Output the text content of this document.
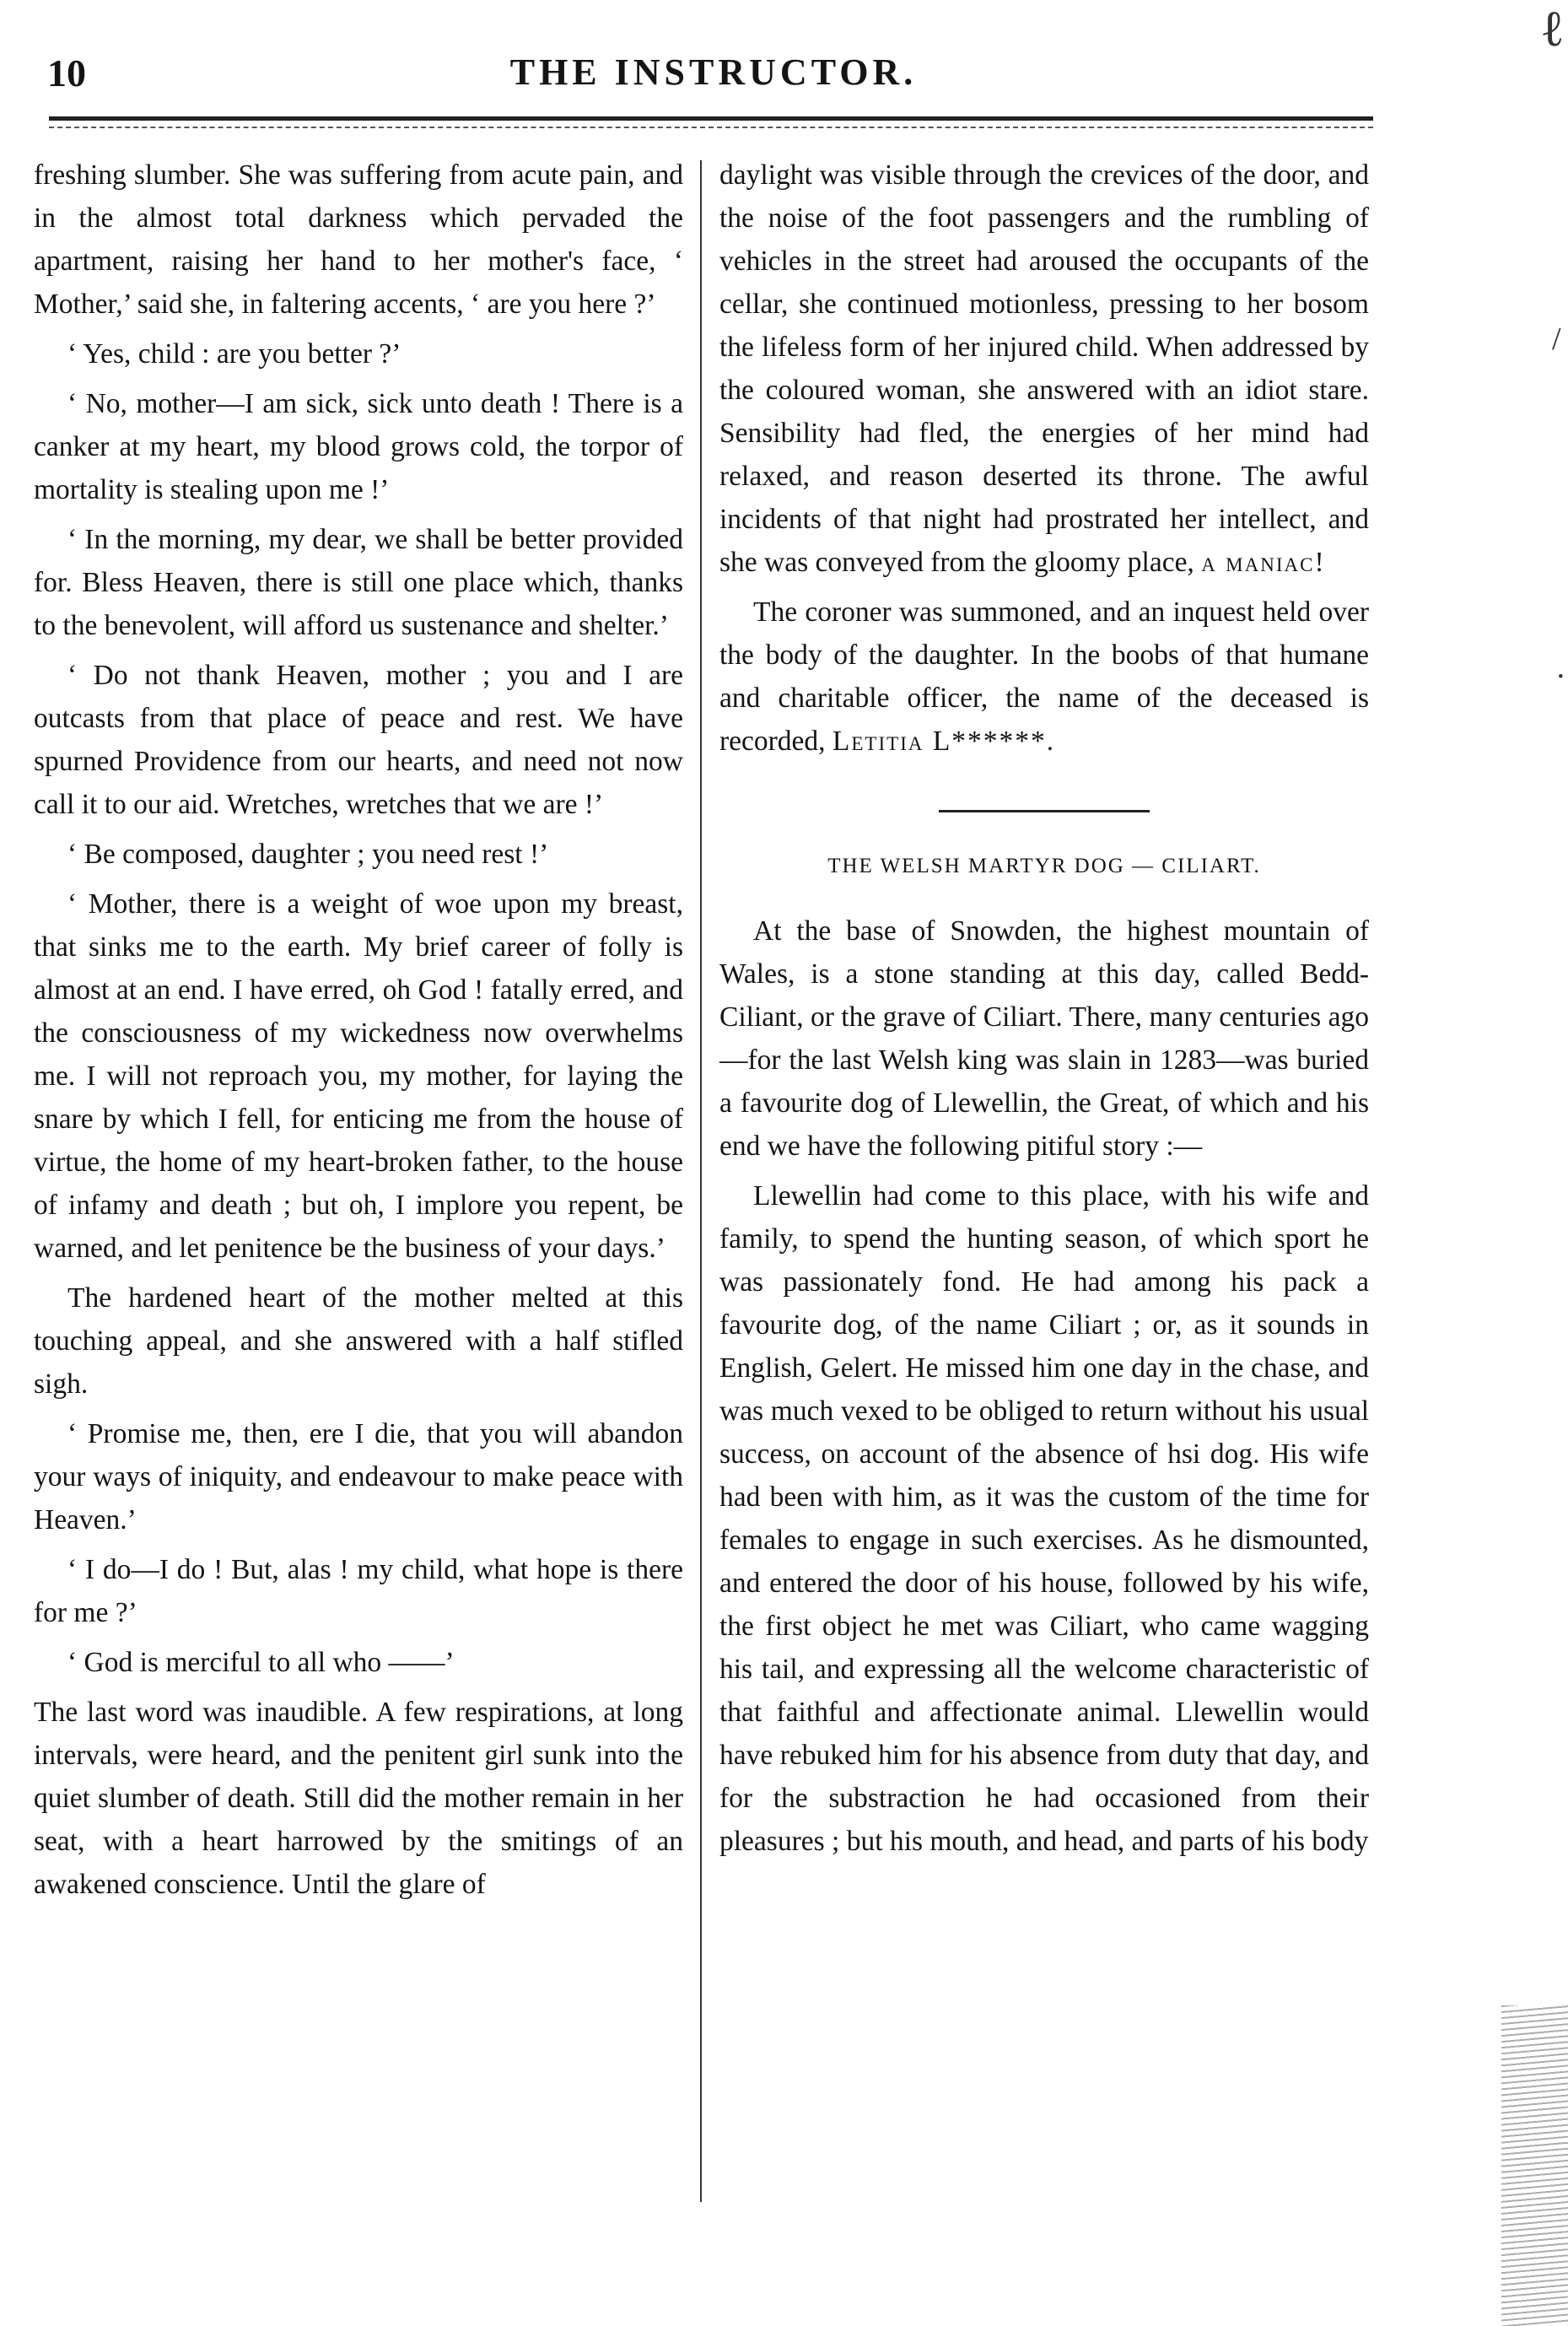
10	THE INSTRUCTOR.

freshing slumber. She was suffering from acute pain, and in the almost total darkness which pervaded the apartment, raising her hand to her mother's face, ‘ Mother,’ said she, in faltering accents, ‘ are you here ?’

‘ Yes, child : are you better ?’

‘ No, mother—I am sick, sick unto death ! There is a canker at my heart, my blood grows cold, the torpor of mortality is stealing upon me !’

‘ In the morning, my dear, we shall be better provided for. Bless Heaven, there is still one place which, thanks to the benevolent, will afford us sustenance and shelter.’

‘ Do not thank Heaven, mother ; you and I are outcasts from that place of peace and rest. We have spurned Providence from our hearts, and need not now call it to our aid. Wretches, wretches that we are !’

‘ Be composed, daughter ; you need rest !’

‘ Mother, there is a weight of woe upon my breast, that sinks me to the earth. My brief career of folly is almost at an end. I have erred, oh God ! fatally erred, and the consciousness of my wickedness now overwhelms me. I will not reproach you, my mother, for laying the snare by which I fell, for enticing me from the house of virtue, the home of my heart-broken father, to the house of infamy and death ; but oh, I implore you repent, be warned, and let penitence be the business of your days.’

The hardened heart of the mother melted at this touching appeal, and she answered with a half stifled sigh.

‘ Promise me, then, ere I die, that you will abandon your ways of iniquity, and endeavour to make peace with Heaven.’

‘ I do—I do ! But, alas ! my child, what hope is there for me ?’

‘ God is merciful to all who ——’

The last word was inaudible. A few respirations, at long intervals, were heard, and the penitent girl sunk into the quiet slumber of death. Still did the mother remain in her seat, with a heart harrowed by the smitings of an awakened conscience. Until the glare of

daylight was visible through the crevices of the door, and the noise of the foot passengers and the rumbling of vehicles in the street had aroused the occupants of the cellar, she continued motionless, pressing to her bosom the lifeless form of her injured child. When addressed by the coloured woman, she answered with an idiot stare. Sensibility had fled, the energies of her mind had relaxed, and reason deserted its throne. The awful incidents of that night had prostrated her intellect, and she was conveyed from the gloomy place, a maniac!

The coroner was summoned, and an inquest held over the body of the daughter. In the boobs of that humane and charitable officer, the name of the deceased is recorded, Letitia L******.

THE WELSH MARTYR DOG — CILIART.

At the base of Snowden, the highest mountain of Wales, is a stone standing at this day, called Bedd-Ciliant, or the grave of Ciliart. There, many centuries ago—for the last Welsh king was slain in 1283—was buried a favourite dog of Llewellin, the Great, of which and his end we have the following pitiful story :—

Llewellin had come to this place, with his wife and family, to spend the hunting season, of which sport he was passionately fond. He had among his pack a favourite dog, of the name Ciliart ; or, as it sounds in English, Gelert. He missed him one day in the chase, and was much vexed to be obliged to return without his usual success, on account of the absence of hsi dog. His wife had been with him, as it was the custom of the time for females to engage in such exercises. As he dismounted, and entered the door of his house, followed by his wife, the first object he met was Ciliart, who came wagging his tail, and expressing all the welcome characteristic of that faithful and affectionate animal. Llewellin would have rebuked him for his absence from duty that day, and for the substraction he had occasioned from their pleasures ; but his mouth, and head, and parts of his body

ℓ
/
·
